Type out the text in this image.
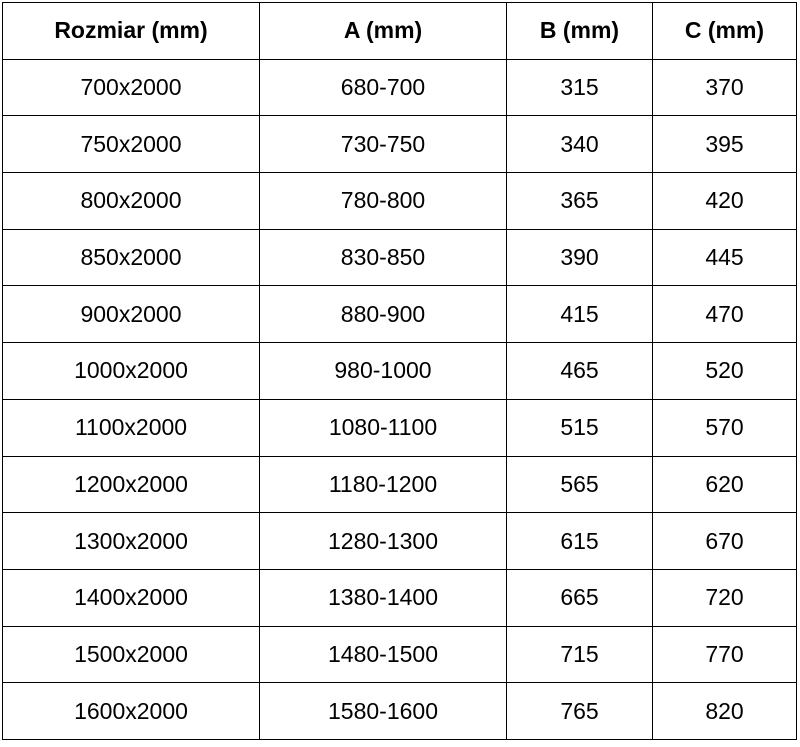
Rozmiar (mm)	A (mm)	B (mm)	C (mm)
700x2000	680-700	315	370
750x2000	730-750	340	395
800x2000	780-800	365	420
850x2000	830-850	390	445
900x2000	880-900	415	470
1000x2000	980-1000	465	520
1100x2000	1080-1100	515	570
1200x2000	1180-1200	565	620
1300x2000	1280-1300	615	670
1400x2000	1380-1400	665	720
1500x2000	1480-1500	715	770
1600x2000	1580-1600	765	820
